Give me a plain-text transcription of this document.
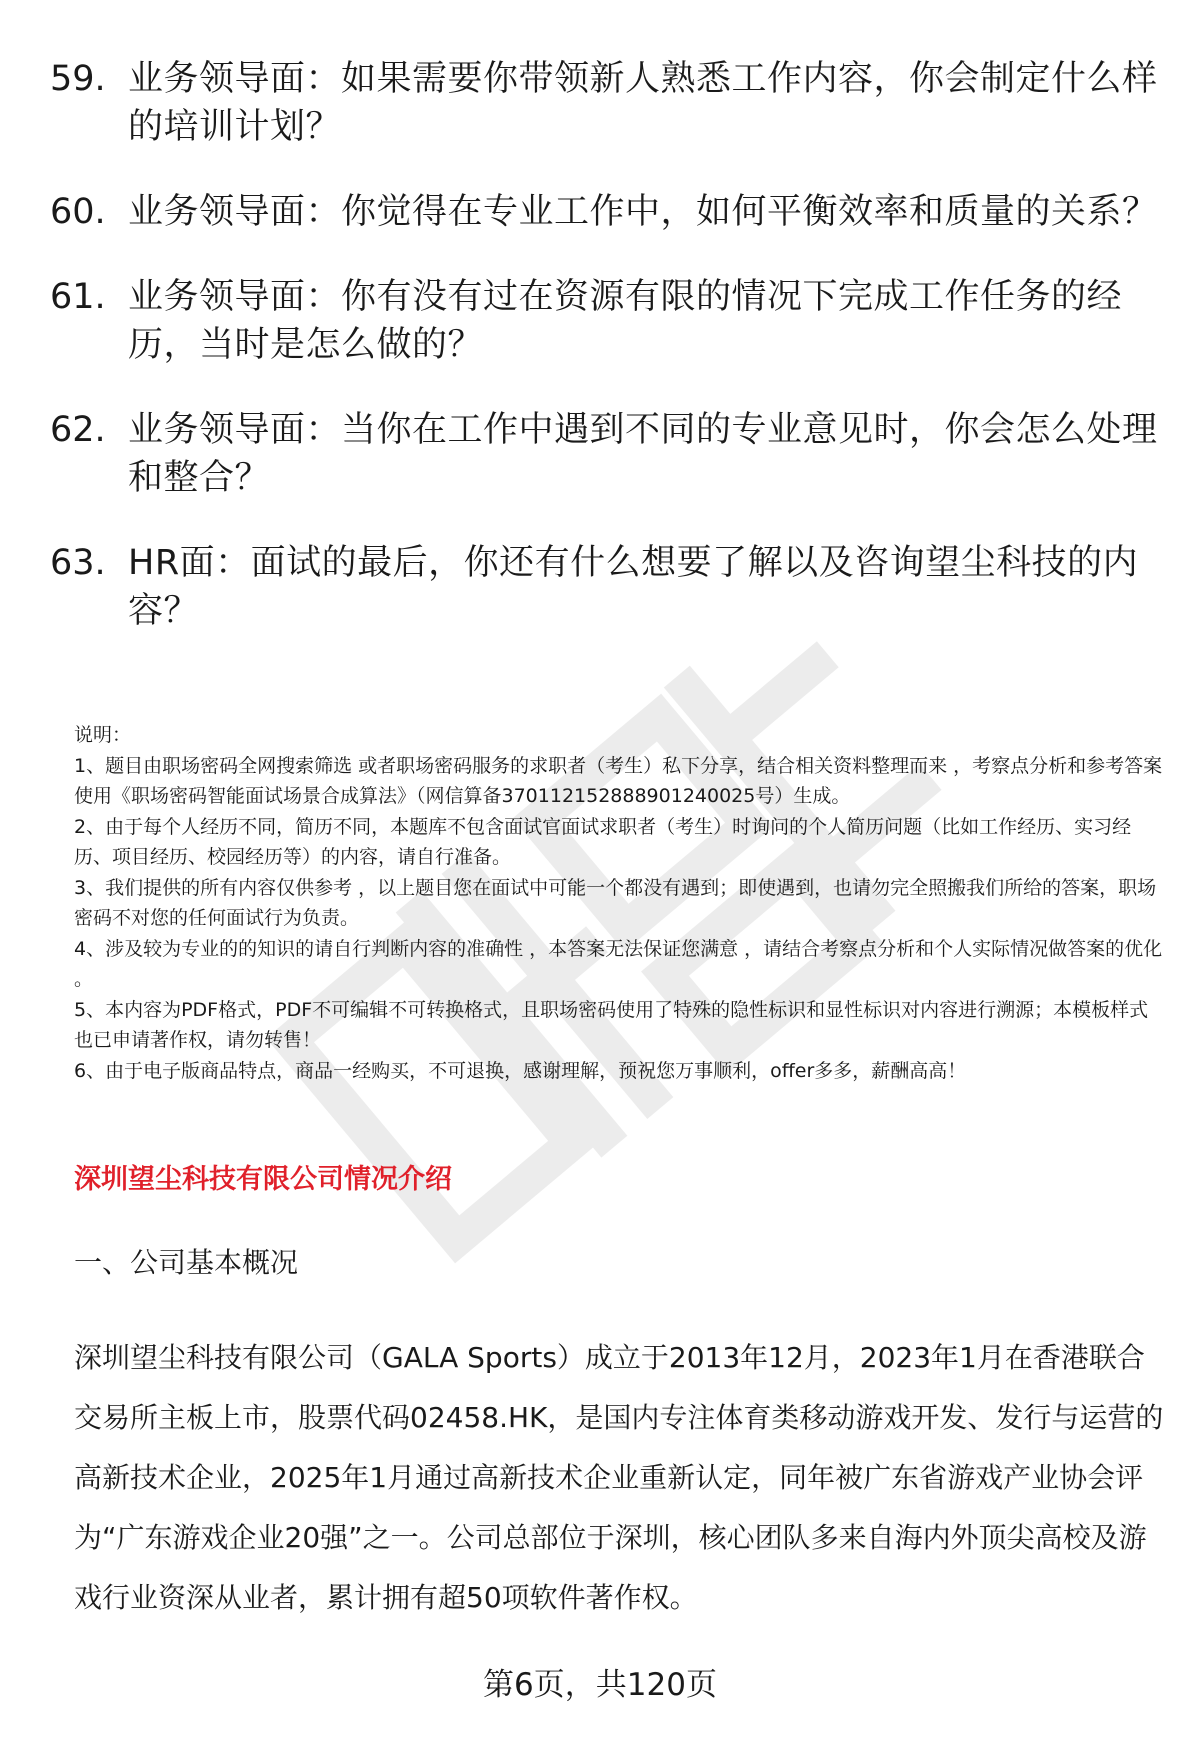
59. 业务领导面：如果需要你带领新人熟悉工作内容，你会制定什么样的培训计划？
60. 业务领导面：你觉得在专业工作中，如何平衡效率和质量的关系？
61. 业务领导面：你有没有过在资源有限的情况下完成工作任务的经历，当时是怎么做的？
62. 业务领导面：当你在工作中遇到不同的专业意见时，你会怎么处理和整合？
63. HR面：面试的最后，你还有什么想要了解以及咨询望尘科技的内容？

说明：

1、题目由职场密码全网搜索筛选 或者职场密码服务的求职者（考生）私下分享，结合相关资料整理而来 ，考察点分析和参考答案使用《职场密码智能面试场景合成算法》（网信算备370112152888901240025号）生成。

2、由于每个人经历不同，简历不同，本题库不包含面试官面试求职者（考生）时询问的个人简历问题（比如工作经历、实习经历、项目经历、校园经历等）的内容，请自行准备。

3、我们提供的所有内容仅供参考 ，以上题目您在面试中可能一个都没有遇到；即使遇到，也请勿完全照搬我们所给的答案，职场密码不对您的任何面试行为负责。

4、涉及较为专业的的知识的请自行判断内容的准确性 ，本答案无法保证您满意 ，请结合考察点分析和个人实际情况做答案的优化 。

5、本内容为PDF格式，PDF不可编辑不可转换格式，且职场密码使用了特殊的隐性标识和显性标识对内容进行溯源；本模板样式也已申请著作权，请勿转售！

6、由于电子版商品特点，商品一经购买，不可退换，感谢理解，预祝您万事顺利，offer多多，薪酬高高！

深圳望尘科技有限公司情况介绍
一、公司基本概况

深圳望尘科技有限公司（GALA Sports）成立于2013年12月，2023年1月在香港联合交易所主板上市，股票代码02458.HK，是国内专注体育类移动游戏开发、发行与运营的高新技术企业，2025年1月通过高新技术企业重新认定，同年被广东省游戏产业协会评为“广东游戏企业20强”之一。公司总部位于深圳，核心团队多来自海内外顶尖高校及游戏行业资深从业者，累计拥有超50项软件著作权。

第6页，共120页
